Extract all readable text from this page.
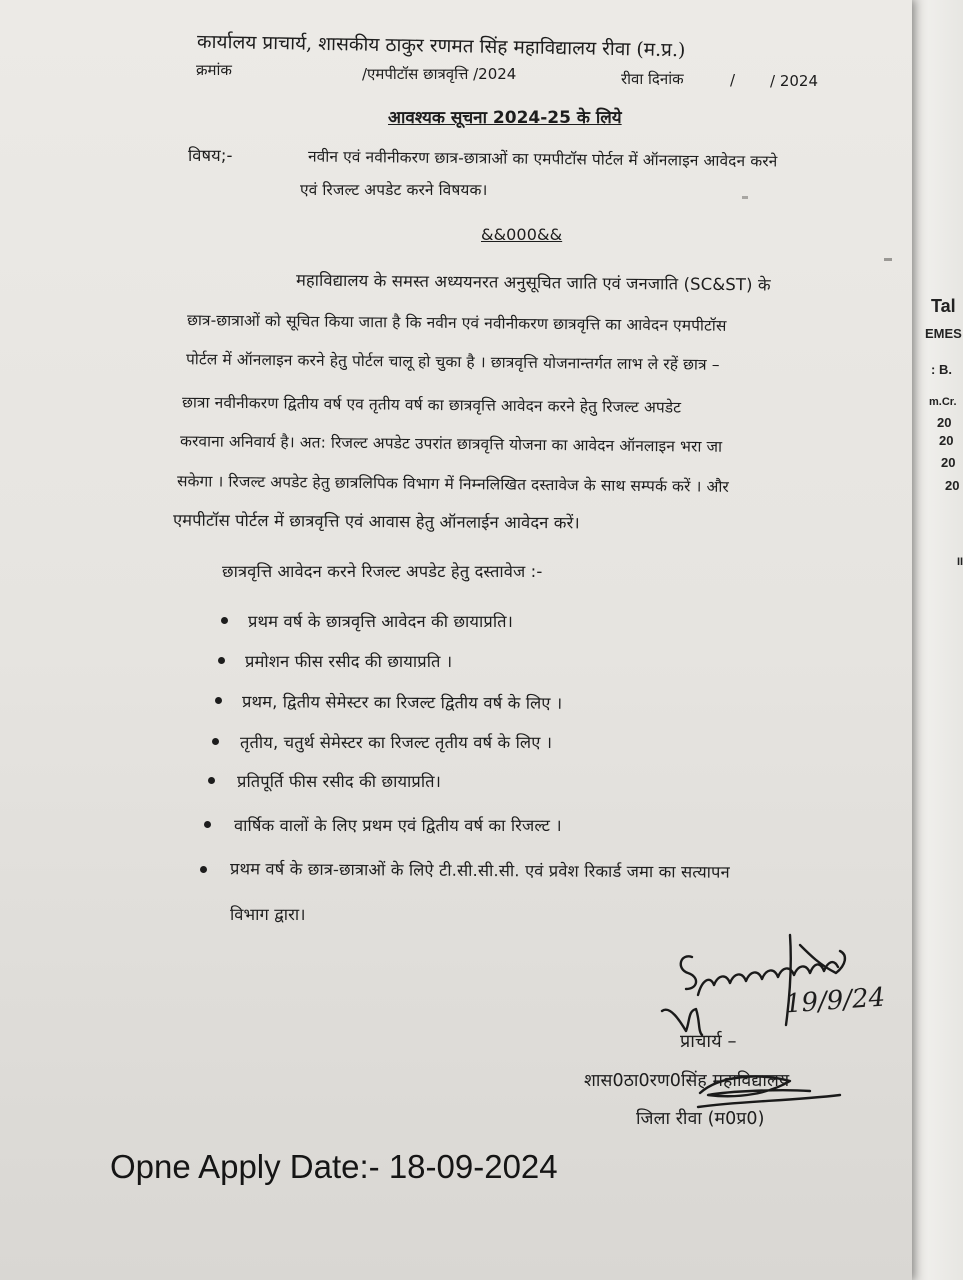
Tal
EMES
: B.
m.Cr.
20
20
20
20
II
कार्यालय प्राचार्य, शासकीय ठाकुर रणमत सिंह महाविद्यालय रीवा (म.प्र.)
क्रमांक	/एमपीटॉस छात्रवृत्ति /2024	रीवा दिनांक	/ / 2024
आवश्यक सूचना 2024-25 के लिये
विषय;-	नवीन एवं नवीनीकरण छात्र-छात्राओं का एमपीटॉस पोर्टल में ऑनलाइन आवेदन करने
एवं रिजल्ट अपडेट करने विषयक।
&&000&&
महाविद्यालय के समस्त अध्ययनरत अनुसूचित जाति एवं जनजाति (SC&ST) के
छात्र-छात्राओं को सूचित किया जाता है कि नवीन एवं नवीनीकरण छात्रवृत्ति का आवेदन एमपीटॉस
पोर्टल में ऑनलाइन करने हेतु पोर्टल चालू हो चुका है । छात्रवृत्ति योजनान्तर्गत लाभ ले रहें छात्र –
छात्रा नवीनीकरण द्वितीय वर्ष एव तृतीय वर्ष का छात्रवृत्ति आवेदन करने हेतु रिजल्ट अपडेट
करवाना अनिवार्य है। अत: रिजल्ट अपडेट उपरांत छात्रवृत्ति योजना का आवेदन ऑनलाइन भरा जा
सकेगा । रिजल्ट अपडेट हेतु छात्रलिपिक विभाग में निम्नलिखित दस्तावेज के साथ सम्पर्क करें । और
एमपीटॉस पोर्टल में छात्रवृत्ति एवं आवास हेतु ऑनलाईन आवेदन करें।
छात्रवृत्ति आवेदन करने रिजल्ट अपडेट हेतु दस्तावेज :-
प्रथम वर्ष के छात्रवृत्ति आवेदन की छायाप्रति।
प्रमोशन फीस रसीद की छायाप्रति ।
प्रथम, द्वितीय सेमेस्टर का रिजल्ट द्वितीय वर्ष के लिए ।
तृतीय, चतुर्थ सेमेस्टर का रिजल्ट तृतीय वर्ष के लिए ।
प्रतिपूर्ति फीस रसीद की छायाप्रति।
वार्षिक वालों के लिए प्रथम एवं द्वितीय वर्ष का रिजल्ट ।
प्रथम वर्ष के छात्र-छात्राओं के लिऐ टी.सी.सी.सी. एवं प्रवेश रिकार्ड जमा का सत्यापन
विभाग द्वारा।
19/9/24
प्राचार्य –
शास0ठा0रण0सिंह महाविद्यालय
जिला रीवा (म0प्र0)
Opne Apply Date:- 18-09-2024
